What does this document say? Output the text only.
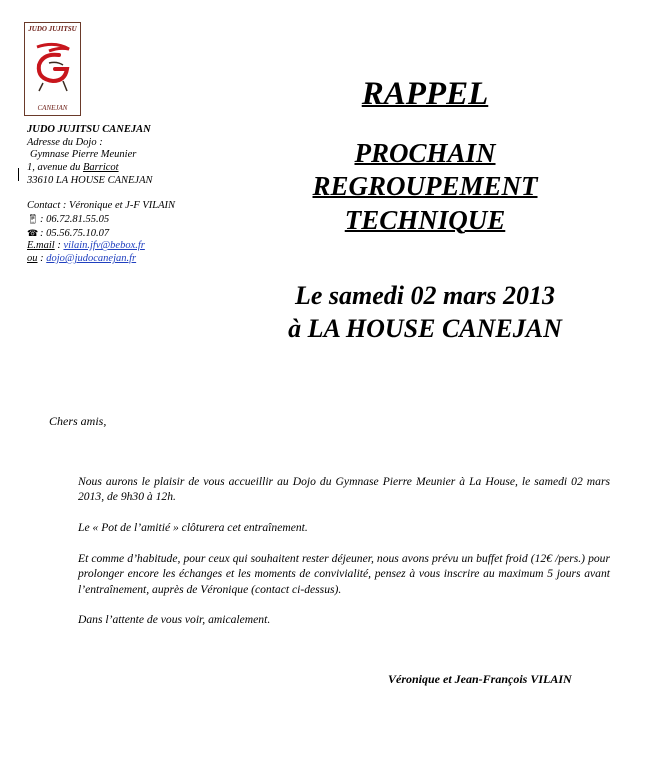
JUDO JUJITSU
CANEJAN
JUDO JUJITSU CANEJAN
Adresse du Dojo :
Gymnase Pierre Meunier
1, avenue du Barricot
33610 LA HOUSE CANEJAN
Contact : Véronique et J-F VILAIN
📱︎ : 06.72.81.55.05
☎ : 05.56.75.10.07
E.mail : vilain.jfv@bebox.fr
ou : dojo@judocanejan.fr
RAPPEL
PROCHAIN
REGROUPEMENT
TECHNIQUE
Le samedi 02 mars 2013
à LA HOUSE CANEJAN
Chers amis,
Nous aurons le plaisir de vous accueillir au Dojo du Gymnase Pierre Meunier à La House, le samedi 02 mars 2013, de 9h30 à 12h.
Le « Pot de l’amitié » clôturera cet entraînement.
Et comme d’habitude, pour ceux qui souhaitent rester déjeuner, nous avons prévu un buffet froid (12€ /pers.) pour prolonger encore les échanges et les moments de convivialité, pensez à vous inscrire au maximum 5 jours avant l’entraînement, auprès de Véronique (contact ci-dessus).
Dans l’attente de vous voir, amicalement.
Véronique et Jean-François VILAIN
